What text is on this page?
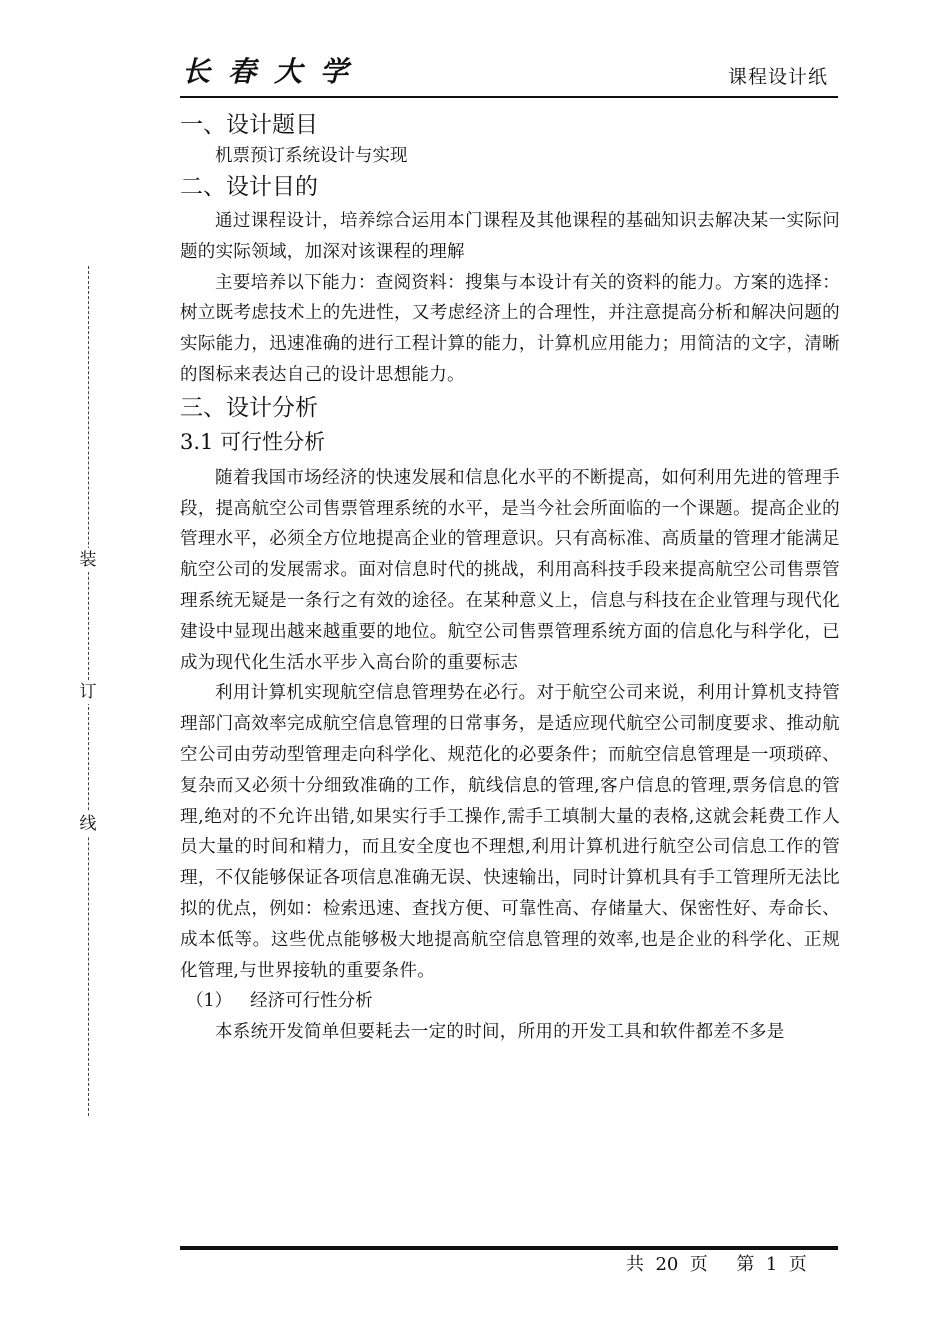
长春大学	课程设计纸
装
订
线
一、设计题目
机票预订系统设计与实现
二、设计目的
通过课程设计，培养综合运用本门课程及其他课程的基础知识去解决某一实际问题的实际领域，加深对该课程的理解
主要培养以下能力：查阅资料：搜集与本设计有关的资料的能力。方案的选择：树立既考虑技术上的先进性，又考虑经济上的合理性，并注意提高分析和解决问题的实际能力，迅速准确的进行工程计算的能力，计算机应用能力；用简洁的文字，清晰的图标来表达自己的设计思想能力。
三、设计分析
3.1 可行性分析
随着我国市场经济的快速发展和信息化水平的不断提高，如何利用先进的管理手段，提高航空公司售票管理系统的水平，是当今社会所面临的一个课题。提高企业的管理水平，必须全方位地提高企业的管理意识。只有高标准、高质量的管理才能满足航空公司的发展需求。面对信息时代的挑战，利用高科技手段来提高航空公司售票管理系统无疑是一条行之有效的途径。在某种意义上，信息与科技在企业管理与现代化建设中显现出越来越重要的地位。航空公司售票管理系统方面的信息化与科学化，已成为现代化生活水平步入高台阶的重要标志
利用计算机实现航空信息管理势在必行。对于航空公司来说，利用计算机支持管理部门高效率完成航空信息管理的日常事务，是适应现代航空公司制度要求、推动航空公司由劳动型管理走向科学化、规范化的必要条件；而航空信息管理是一项琐碎、复杂而又必须十分细致准确的工作，航线信息的管理,客户信息的管理,票务信息的管理,绝对的不允许出错,如果实行手工操作,需手工填制大量的表格,这就会耗费工作人员大量的时间和精力，而且安全度也不理想,利用计算机进行航空公司信息工作的管理，不仅能够保证各项信息准确无误、快速输出，同时计算机具有手工管理所无法比拟的优点，例如：检索迅速、查找方便、可靠性高、存储量大、保密性好、寿命长、成本低等。这些优点能够极大地提高航空信息管理的效率,也是企业的科学化、正规化管理,与世界接轨的重要条件。
（1） 经济可行性分析
本系统开发简单但要耗去一定的时间，所用的开发工具和软件都差不多是
共  20  页     第  1  页
